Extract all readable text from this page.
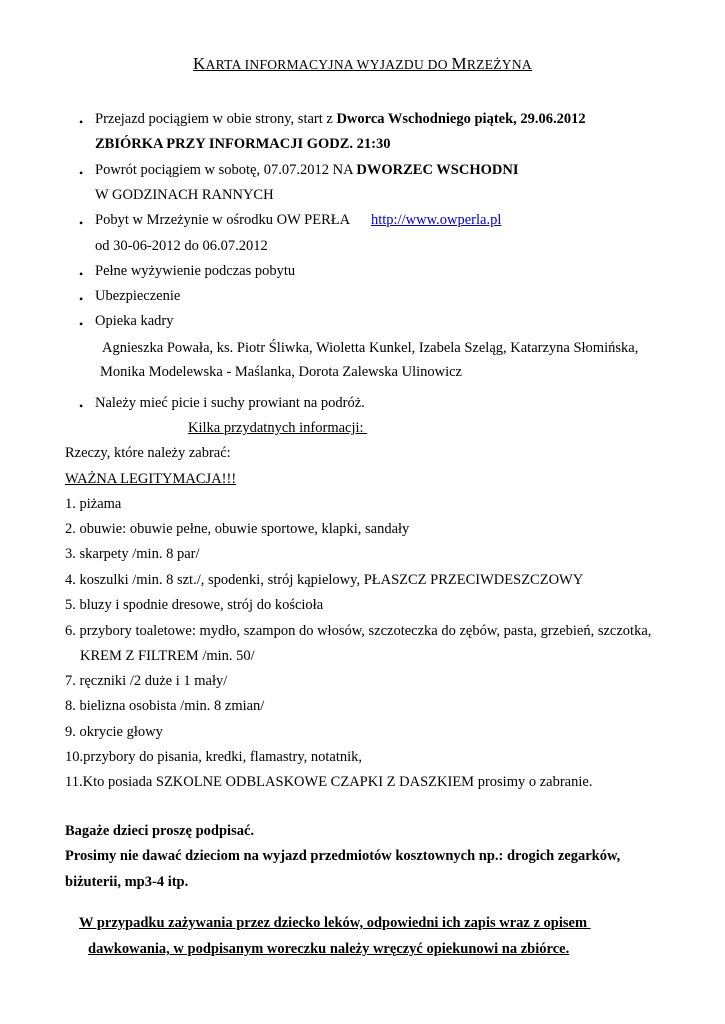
KARTA INFORMACYJNA WYJAZDU DO MRZEŻYNA
• Przejazd pociągiem w obie strony, start z Dworca Wschodniego piątek, 29.06.2012
ZBIÓRKA PRZY INFORMACJI GODZ. 21:30
• Powrót pociągiem w sobotę, 07.07.2012 NA DWORZEC WSCHODNI
W GODZINACH RANNYCH
• Pobyt w Mrzeżynie w ośrodku OW PERŁA http://www.owperla.pl
od 30-06-2012 do 06.07.2012
• Pełne wyżywienie podczas pobytu
• Ubezpieczenie
• Opieka kadry
Agnieszka Powała, ks. Piotr Śliwka, Wioletta Kunkel, Izabela Szeląg, Katarzyna Słomińska,
Monika Modelewska - Maślanka, Dorota Zalewska Ulinowicz
• Należy mieć picie i suchy prowiant na podróż.
Kilka przydatnych informacji:
Rzeczy, które należy zabrać:
WAŻNA LEGITYMACJA!!!
1. piżama
2. obuwie: obuwie pełne, obuwie sportowe, klapki, sandały
3. skarpety /min. 8 par/
4. koszulki /min. 8 szt./, spodenki, strój kąpielowy, PŁASZCZ PRZECIWDESZCZOWY
5. bluzy i spodnie dresowe, strój do kościoła
6. przybory toaletowe: mydło, szampon do włosów, szczoteczka do zębów, pasta, grzebień, szczotka,
KREM Z FILTREM /min. 50/
7. ręczniki /2 duże i 1 mały/
8. bielizna osobista /min. 8 zmian/
9. okrycie głowy
10.przybory do pisania, kredki, flamastry, notatnik,
11.Kto posiada SZKOLNE ODBLASKOWE CZAPKI Z DASZKIEM prosimy o zabranie.
Bagaże dzieci proszę podpisać.
Prosimy nie dawać dzieciom na wyjazd przedmiotów kosztownych np.: drogich zegarków,
biżuterii, mp3-4 itp.
W przypadku zażywania przez dziecko leków, odpowiedni ich zapis wraz z opisem
dawkowania, w podpisanym woreczku należy wręczyć opiekunowi na zbiórce.
